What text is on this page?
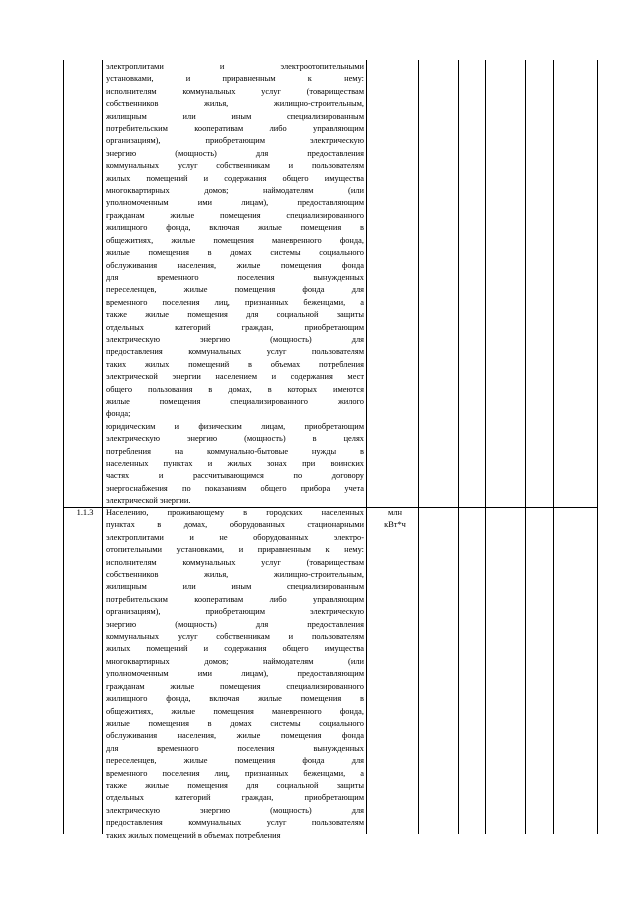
электроплитами и электроотопительными
установками, и приравненным к нему:
исполнителям коммунальных услуг (товариществам
собственников жилья, жилищно-строительным,
жилищным или иным специализированным
потребительским кооперативам либо управляющим
организациям), приобретающим электрическую
энергию (мощность) для предоставления
коммунальных услуг собственникам и пользователям
жилых помещений и содержания общего имущества
многоквартирных домов; наймодателям (или
уполномоченным ими лицам), предоставляющим
гражданам жилые помещения специализированного
жилищного фонда, включая жилые помещения в
общежитиях, жилые помещения маневренного фонда,
жилые помещения в домах системы социального
обслуживания населения, жилые помещения фонда
для временного поселения вынужденных
переселенцев, жилые помещения фонда для
временного поселения лиц, признанных беженцами, а
также жилые помещения для социальной защиты
отдельных категорий граждан, приобретающим
электрическую энергию (мощность) для
предоставления коммунальных услуг пользователям
таких жилых помещений в объемах потребления
электрической энергии населением и содержания мест
общего пользования в домах, в которых имеются
жилые помещения специализированного жилого
фонда;
юридическим и физическим лицам, приобретающим
электрическую энергию (мощность) в целях
потребления на коммунально-бытовые нужды в
населенных пунктах и жилых зонах при воинских
частях и рассчитывающимся по договору
энергоснабжения по показаниям общего прибора учета
электрической энергии.
1.1.3	млн
кВт*ч
Населению, проживающему в городских населенных
пунктах в домах, оборудованных стационарными
электроплитами и не оборудованных электро-
отопительными установками, и приравненным к нему:
исполнителям коммунальных услуг (товариществам
собственников жилья, жилищно-строительным,
жилищным или иным специализированным
потребительским кооперативам либо управляющим
организациям), приобретающим электрическую
энергию (мощность) для предоставления
коммунальных услуг собственникам и пользователям
жилых помещений и содержания общего имущества
многоквартирных домов; наймодателям (или
уполномоченным ими лицам), предоставляющим
гражданам жилые помещения специализированного
жилищного фонда, включая жилые помещения в
общежитиях, жилые помещения маневренного фонда,
жилые помещения в домах системы социального
обслуживания населения, жилые помещения фонда
для временного поселения вынужденных
переселенцев, жилые помещения фонда для
временного поселения лиц, признанных беженцами, а
также жилые помещения для социальной защиты
отдельных категорий граждан, приобретающим
электрическую энергию (мощность) для
предоставления коммунальных услуг пользователям
таких жилых помещений в объемах потребления
